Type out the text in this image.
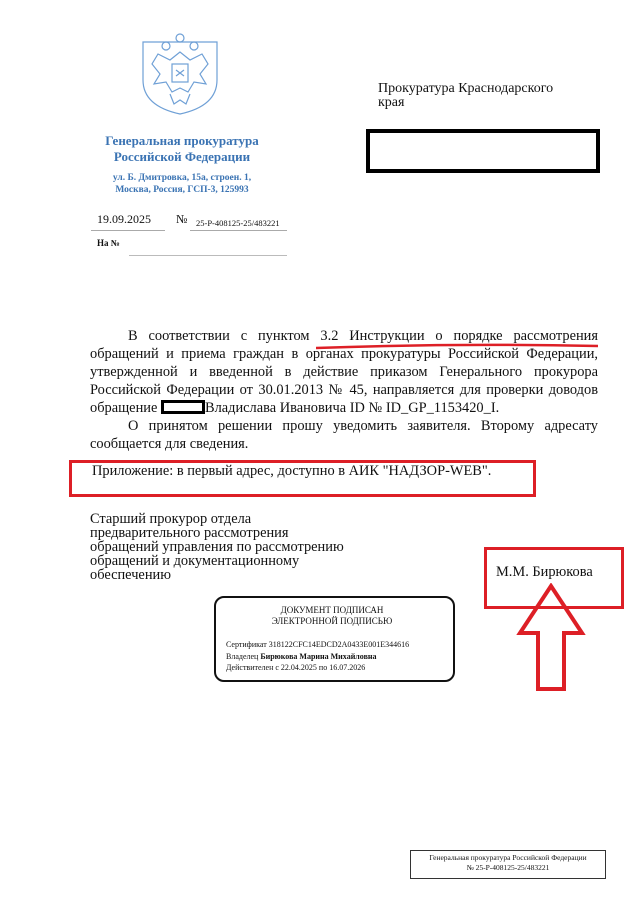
Генеральная прокуратура
Российской Федерации
ул. Б. Дмитровка, 15а, строен. 1,
Москва, Россия, ГСП-3, 125993
19.09.2025 № 25-Р-408125-25/483221
На №
Прокуратура Краснодарского
края

В соответствии с пунктом 3.2 Инструкции о порядке рассмотрения обращений и приема граждан в органах прокуратуры Российской Федерации, утвержденной и введенной в действие приказом Генерального прокурора Российской Федерации от 30.01.2013 № 45, направляется для проверки доводов обращение	Владислава Ивановича ID № ID_GP_1153420_I.

О принятом решении прошу уведомить заявителя. Второму адресату сообщается для сведения.

Приложение: в первый адрес, доступно в АИК "НАДЗОР-WEB".
Старший прокурор отдела
предварительного рассмотрения
обращений управления по рассмотрению
обращений и документационному
обеспечению	М.М. Бирюкова
ДОКУМЕНТ ПОДПИСАН
ЭЛЕКТРОННОЙ ПОДПИСЬЮ
Сертификат 318122CFC14EDCD2A0433E001E344616
Владелец Бирюкова Марина Михайловна
Действителен с 22.04.2025 по 16.07.2026
Генеральная прокуратура Российской Федерации
№ 25-Р-408125-25/483221
